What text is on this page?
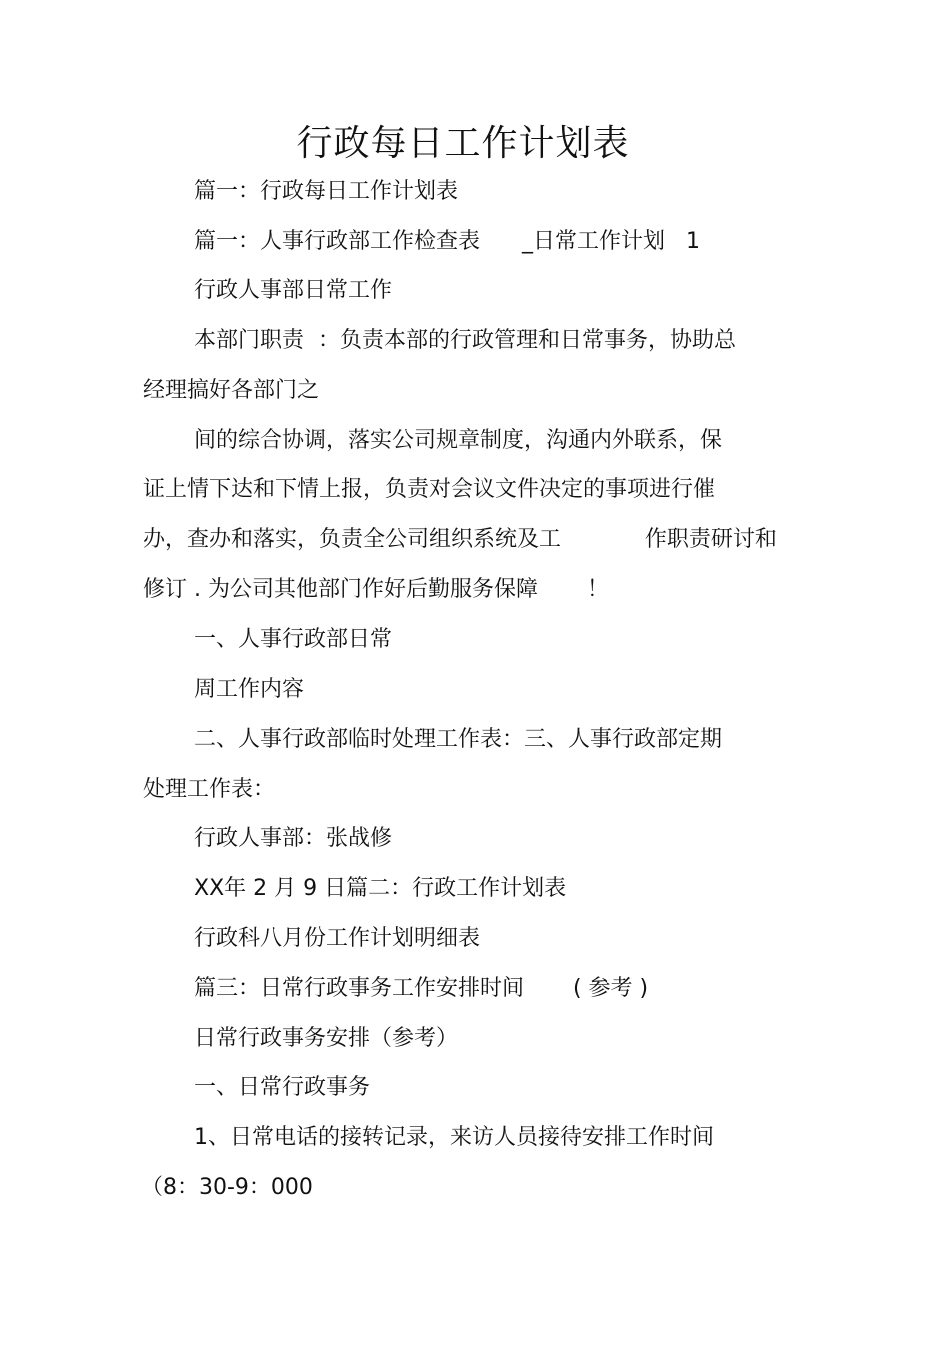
行政每日工作计划表
篇一：行政每日工作计划表
篇一：人事行政部工作检查表      _日常工作计划   1
行政人事部日常工作
本部门职责  ：负责本部的行政管理和日常事务，协助总
经理搞好各部门之
间的综合协调，落实公司规章制度，沟通内外联系，保
证上情下达和下情上报，负责对会议文件决定的事项进行催
办，查办和落实，负责全公司组织系统及工            作职责研讨和
修订 . 为公司其他部门作好后勤服务保障       ！
一、人事行政部日常
周工作内容
二、人事行政部临时处理工作表：三、人事行政部定期
处理工作表：
行政人事部：张战修
XX年 2 月 9 日篇二：行政工作计划表
行政科八月份工作计划明细表
篇三：日常行政事务工作安排时间       ( 参考 )
日常行政事务安排（参考）
一、日常行政事务
1、日常电话的接转记录，来访人员接待安排工作时间
（8：30-9：000
